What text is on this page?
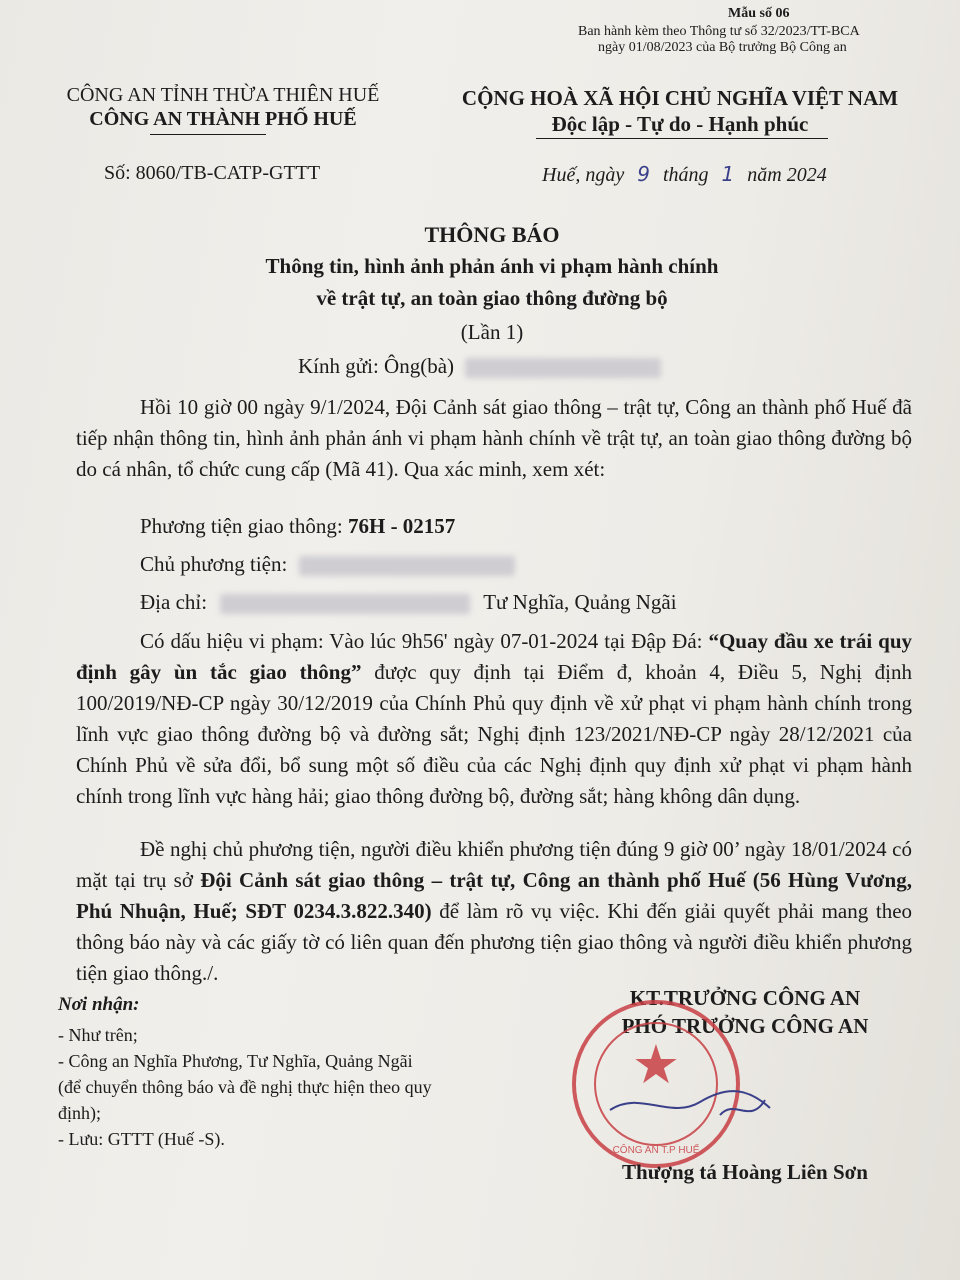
Mẫu số 06
Ban hành kèm theo Thông tư số 32/2023/TT-BCA
ngày 01/08/2023 của Bộ trưởng Bộ Công an
CÔNG AN TỈNH THỪA THIÊN HUẾ
CÔNG AN THÀNH PHỐ HUẾ
Số: 8060/TB-CATP-GTTT
CỘNG HOÀ XÃ HỘI CHỦ NGHĨA VIỆT NAM
Độc lập - Tự do - Hạnh phúc
Huế, ngày 9 tháng 1 năm 2024
THÔNG BÁO
Thông tin, hình ảnh phản ánh vi phạm hành chính
về trật tự, an toàn giao thông đường bộ
(Lần 1)
Kính gửi: Ông(bà)

Hồi 10 giờ 00 ngày 9/1/2024, Đội Cảnh sát giao thông – trật tự, Công an thành phố Huế đã tiếp nhận thông tin, hình ảnh phản ánh vi phạm hành chính về trật tự, an toàn giao thông đường bộ do cá nhân, tổ chức cung cấp (Mã 41). Qua xác minh, xem xét:

Phương tiện giao thông: 76H - 02157
Chủ phương tiện:
Địa chỉ:	Tư Nghĩa, Quảng Ngãi

Có dấu hiệu vi phạm: Vào lúc 9h56' ngày 07-01-2024 tại Đập Đá: “Quay đầu xe trái quy định gây ùn tắc giao thông” được quy định tại Điểm đ, khoản 4, Điều 5, Nghị định 100/2019/NĐ-CP ngày 30/12/2019 của Chính Phủ quy định về xử phạt vi phạm hành chính trong lĩnh vực giao thông đường bộ và đường sắt; Nghị định 123/2021/NĐ-CP ngày 28/12/2021 của Chính Phủ về sửa đổi, bổ sung một số điều của các Nghị định quy định xử phạt vi phạm hành chính trong lĩnh vực hàng hải; giao thông đường bộ, đường sắt; hàng không dân dụng.

Đề nghị chủ phương tiện, người điều khiển phương tiện đúng 9 giờ 00’ ngày 18/01/2024 có mặt tại trụ sở Đội Cảnh sát giao thông – trật tự, Công an thành phố Huế (56 Hùng Vương, Phú Nhuận, Huế; SĐT 0234.3.822.340) để làm rõ vụ việc. Khi đến giải quyết phải mang theo thông báo này và các giấy tờ có liên quan đến phương tiện giao thông và người điều khiển phương tiện giao thông./.

Nơi nhận:
- Như trên;
- Công an Nghĩa Phương, Tư Nghĩa, Quảng Ngãi
(để chuyển thông báo và đề nghị thực hiện theo quy
định);
- Lưu: GTTT (Huế -S).
KT.TRƯỞNG CÔNG AN
PHÓ TRƯỞNG CÔNG AN
★
CÔNG AN T.P HUẾ
Thượng tá Hoàng Liên Sơn
